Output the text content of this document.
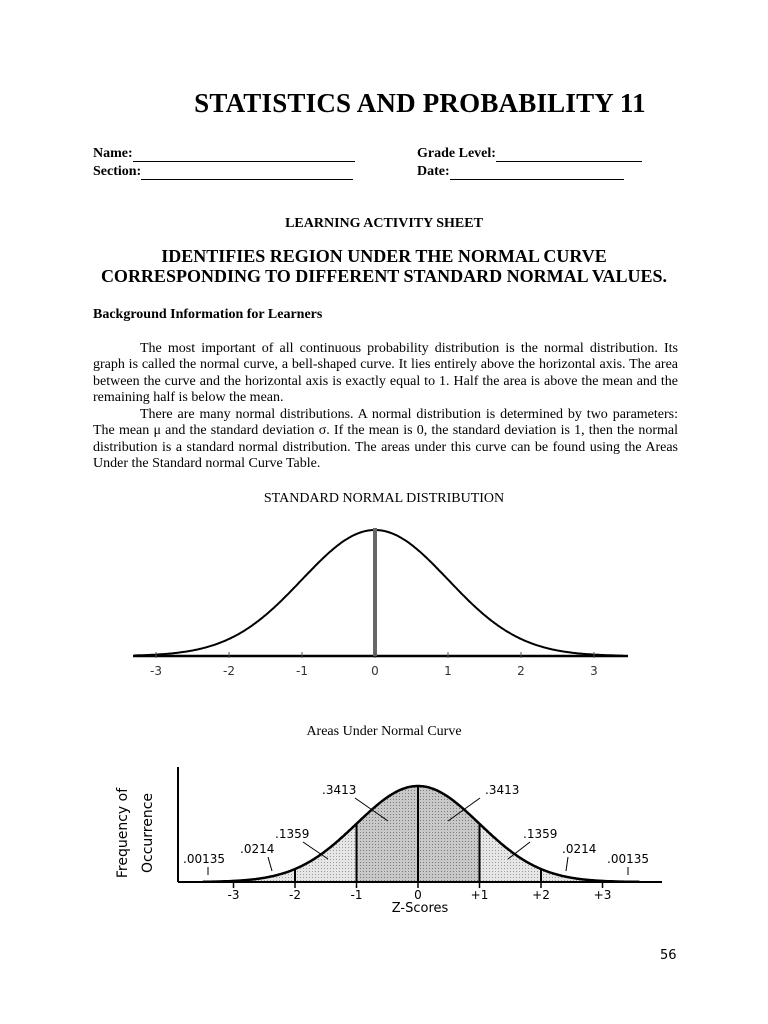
STATISTICS AND PROBABILITY 11
Name:
Section:
Grade Level:
Date:
LEARNING ACTIVITY SHEET
IDENTIFIES REGION UNDER THE NORMAL CURVE
CORRESPONDING TO DIFFERENT STANDARD NORMAL VALUES.
Background Information for Learners
The most important of all continuous probability distribution is the normal distribution. Its graph is called the normal curve, a bell-shaped curve. It lies entirely above the horizontal axis. The area between the curve and the horizontal axis is exactly equal to 1. Half the area is above the mean and the remaining half is below the mean.
There are many normal distributions. A normal distribution is determined by two parameters: The mean μ and the standard deviation σ. If the mean is 0, the standard deviation is 1, then the normal distribution is a standard normal distribution. The areas under this curve can be found using the Areas Under the Standard normal Curve Table.
STANDARD NORMAL DISTRIBUTION
-3	-2	-1	0	1	2	3
Areas Under Normal Curve
-3	-2	-1	0	+1	+2	+3
.00135
.0214
.1359
.3413	.3413
.1359
.0214
.00135
Frequency of Occurrence
Z-Scores
56
